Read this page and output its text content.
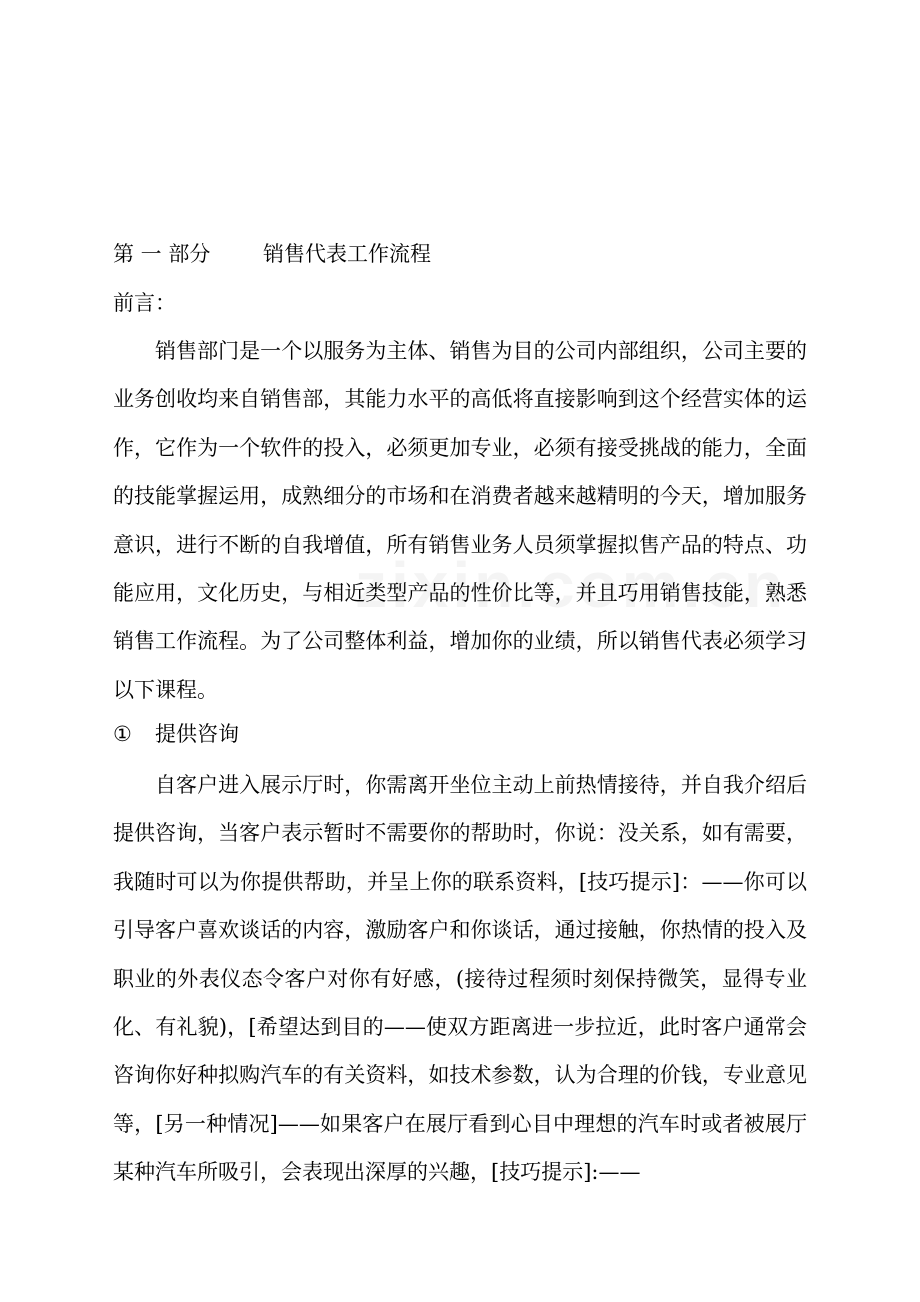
第 一 部分	销售代表工作流程
前言：

销售部门是一个以服务为主体、销售为目的公司内部组织，公司主要的业务创收均来自销售部，其能力水平的高低将直接影响到这个经营实体的运作，它作为一个软件的投入，必须更加专业，必须有接受挑战的能力，全面的技能掌握运用，成熟细分的市场和在消费者越来越精明的今天，增加服务意识，进行不断的自我增值，所有销售业务人员须掌握拟售产品的特点、功能应用，文化历史，与相近类型产品的性价比等，并且巧用销售技能，熟悉销售工作流程。为了公司整体利益，增加你的业绩，所以销售代表必须学习以下课程。

① 提供咨询

自客户进入展示厅时，你需离开坐位主动上前热情接待，并自我介绍后提供咨询，当客户表示暂时不需要你的帮助时，你说：没关系，如有需要，我随时可以为你提供帮助，并呈上你的联系资料，[技巧提示]：——你可以引导客户喜欢谈话的内容，激励客户和你谈话，通过接触，你热情的投入及职业的外表仪态令客户对你有好感，(接待过程须时刻保持微笑，显得专业化、有礼貌)，[希望达到目的——使双方距离进一步拉近，此时客户通常会咨询你好种拟购汽车的有关资料，如技术参数，认为合理的价钱，专业意见等，[另一种情况]——如果客户在展厅看到心目中理想的汽车时或者被展厅某种汽车所吸引，会表现出深厚的兴趣，[技巧提示]:——
